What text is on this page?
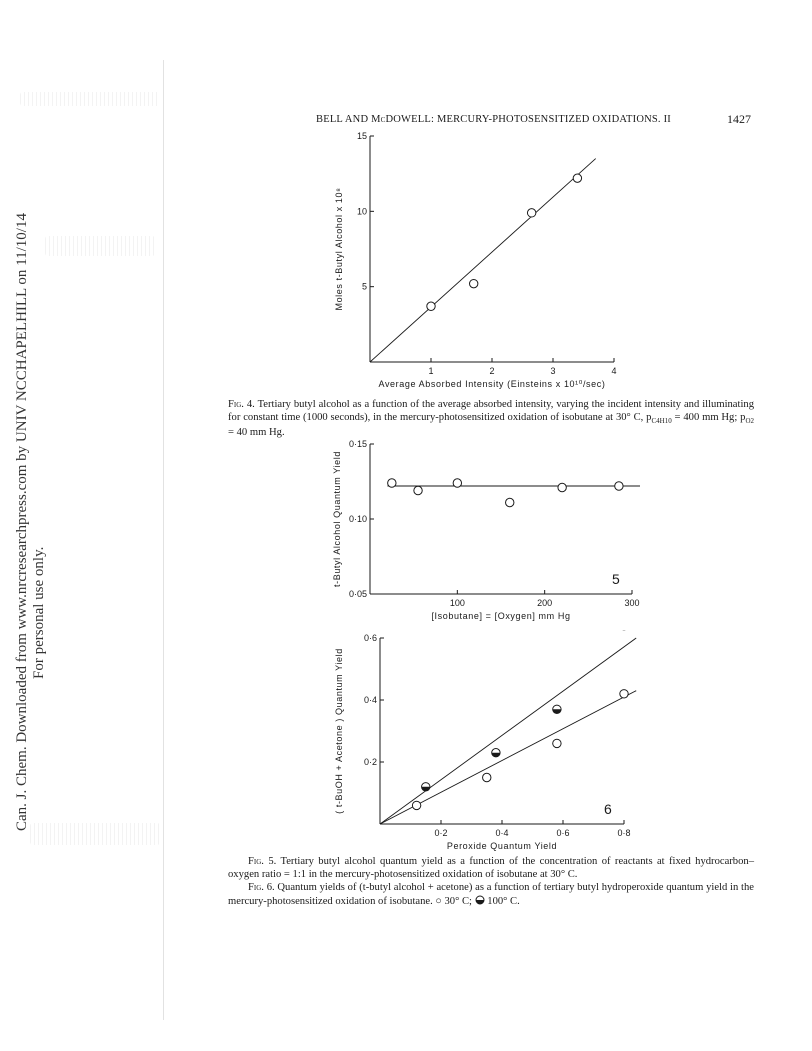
Can. J. Chem. Downloaded from www.nrcresearchpress.com by UNIV NCCHAPELHILL on 11/10/14 For personal use only.
BELL AND McDOWELL: MERCURY-PHOTOSENSITIZED OXIDATIONS. II	1427
1	2	3	4
5
10
15
Average Absorbed Intensity (Einsteins x 10¹⁰/sec)
Moles t-Butyl Alcohol x 10⁸
Fig. 4. Tertiary butyl alcohol as a function of the average absorbed intensity, varying the incident intensity and illuminating for constant time (1000 seconds), in the mercury-photosensitized oxidation of isobutane at 30° C, $p_{C4H10} = 400$ mm Hg; $p_{O2} = 40$ mm Hg.
100	200	300
0·05
0·10
0·15
[Isobutane] = [Oxygen] mm Hg
t-Butyl Alcohol Quantum Yield	5
0·2	0·4	0·6	0·8
0·2
0·4
0·6
Peroxide Quantum Yield
( t-BuOH + Acetone ) Quantum Yield	6
Fig. 5. Tertiary butyl alcohol quantum yield as a function of the concentration of reactants at fixed hydrocarbon–oxygen ratio = 1:1 in the mercury-photosensitized oxidation of isobutane at 30° C.
Fig. 6. Quantum yields of (t-butyl alcohol + acetone) as a function of tertiary butyl hydroperoxide quantum yield in the mercury-photosensitized oxidation of isobutane. ○ 30° C; 100° C.
